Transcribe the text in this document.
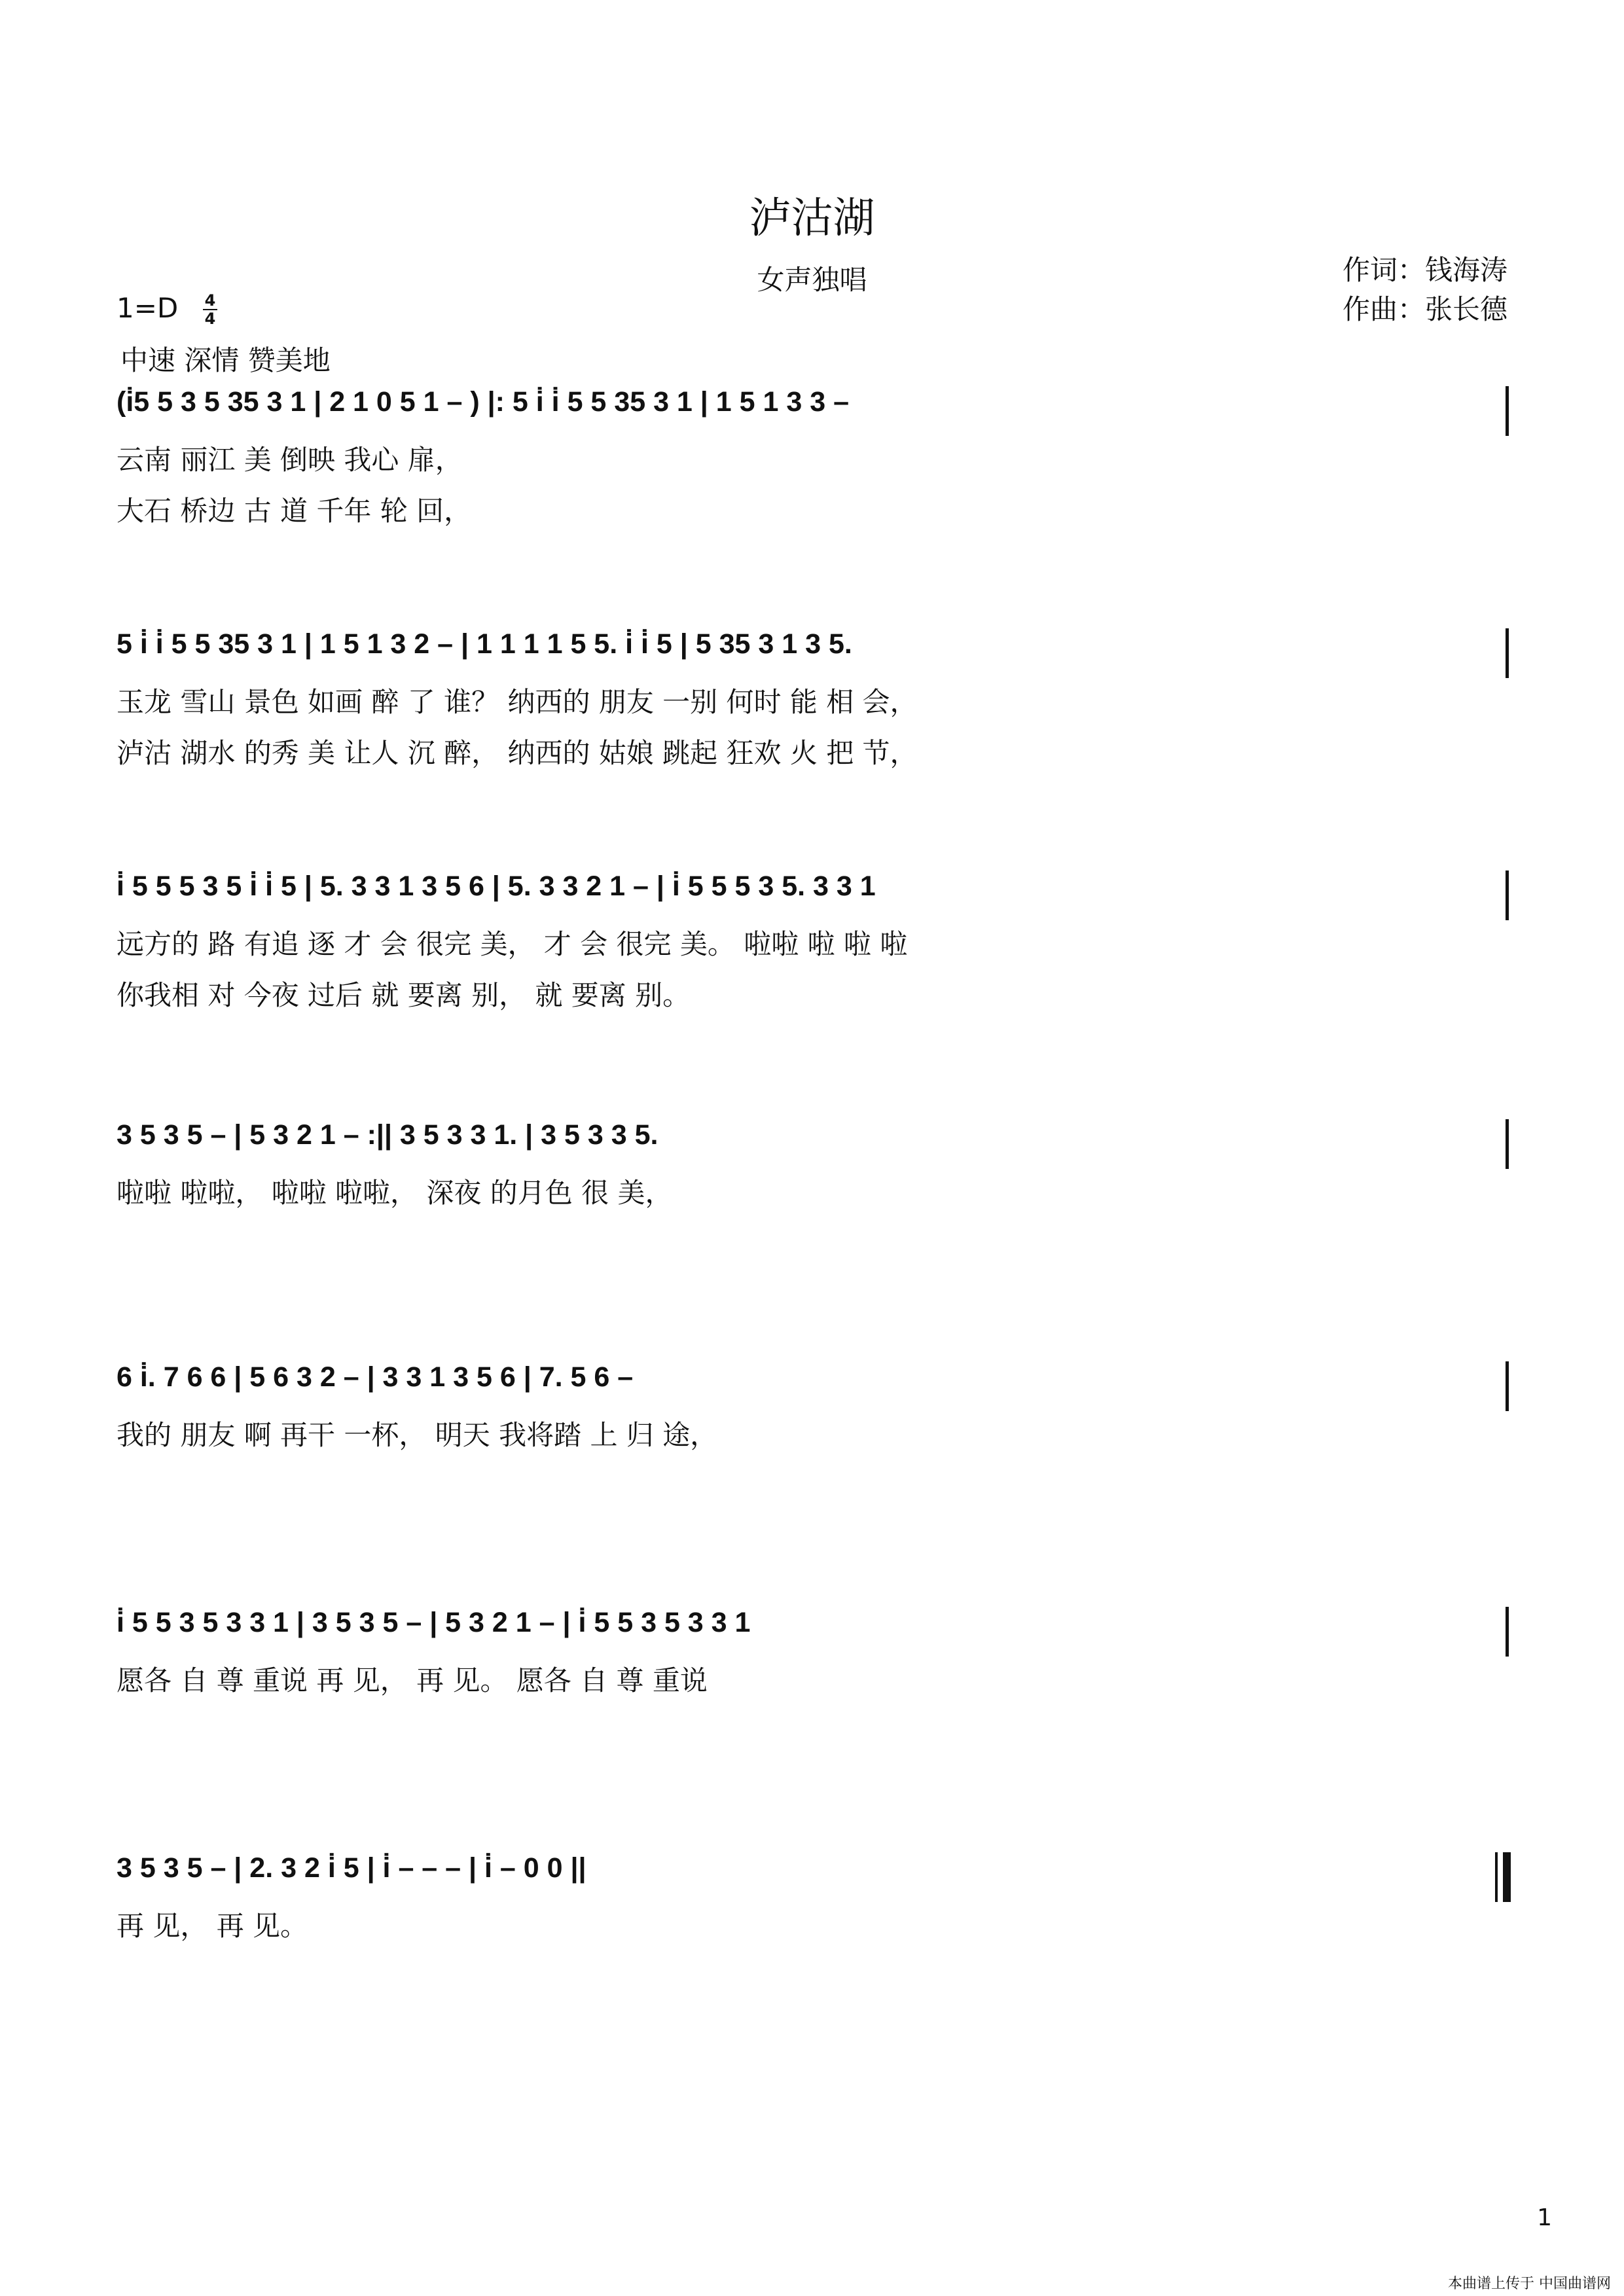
泸沽湖
女声独唱	作词：钱海涛
作曲：张长德
1=D 4
4
中速 深情 赞美地
(i̇5 5 3 5 35 3 1 | 2 1 0 5 1 – ) |: 5 i̇ i̇ 5 5 35 3 1 | 1 5 1 3 3 –
云南 丽江 美 倒映 我心 扉，
大石 桥边 古 道 千年 轮 回，
5 i̇ i̇ 5 5 35 3 1 | 1 5 1 3 2 – | 1 1 1 1 5 5. i̇ i̇ 5 | 5 35 3 1 3 5.
玉龙 雪山 景色 如画 醉 了 谁？ 纳西的 朋友 一别 何时 能 相 会，
泸沽 湖水 的秀 美 让人 沉 醉， 纳西的 姑娘 跳起 狂欢 火 把 节，
i̇ 5 5 5 3 5 i̇ i̇ 5 | 5. 3 3 1 3 5 6 | 5. 3 3 2 1 – | i̇ 5 5 5 3 5. 3 3 1
远方的 路 有追 逐 才 会 很完 美， 才 会 很完 美。 啦啦 啦 啦 啦
你我相 对 今夜 过后 就 要离 别， 就 要离 别。
3 5 3 5 – | 5 3 2 1 – :|| 3 5 3 3 1. | 3 5 3 3 5.
啦啦 啦啦， 啦啦 啦啦， 深夜 的月色 很 美，
6 i̇. 7 6 6 | 5 6 3 2 – | 3 3 1 3 5 6 | 7. 5 6 –
我的 朋友 啊 再干 一杯， 明天 我将踏 上 归 途，
i̇ 5 5 3 5 3 3 1 | 3 5 3 5 – | 5 3 2 1 – | i̇ 5 5 3 5 3 3 1
愿各 自 尊 重说 再 见， 再 见。 愿各 自 尊 重说
3 5 3 5 – | 2. 3 2 i̇ 5 | i̇ – – – | i̇ – 0 0 ||
再 见， 再 见。
1
本曲谱上传于 中国曲谱网
